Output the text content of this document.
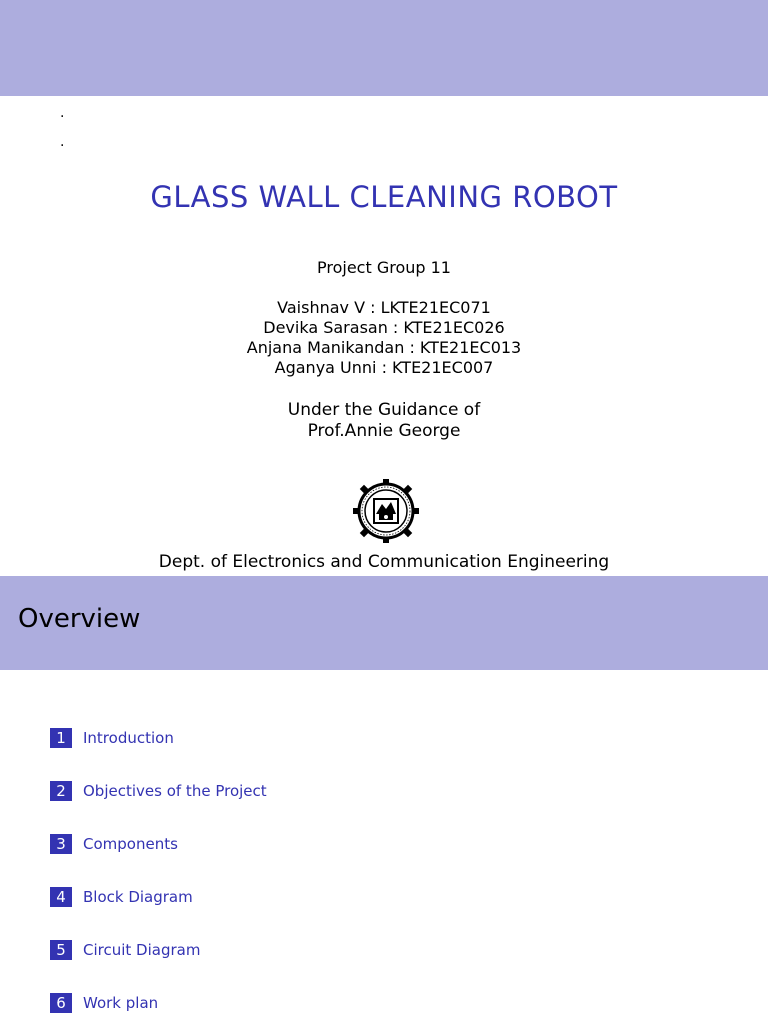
.
.
GLASS WALL CLEANING ROBOT
Project Group 11
Vaishnav V : LKTE21EC071
Devika Sarasan : KTE21EC026
Anjana Manikandan : KTE21EC013
Aganya Unni : KTE21EC007
Under the Guidance of
Prof.Annie George
Dept. of Electronics and Communication Engineering
Overview
1	Introduction
2	Objectives of the Project
3	Components
4	Block Diagram
5	Circuit Diagram
6	Work plan
